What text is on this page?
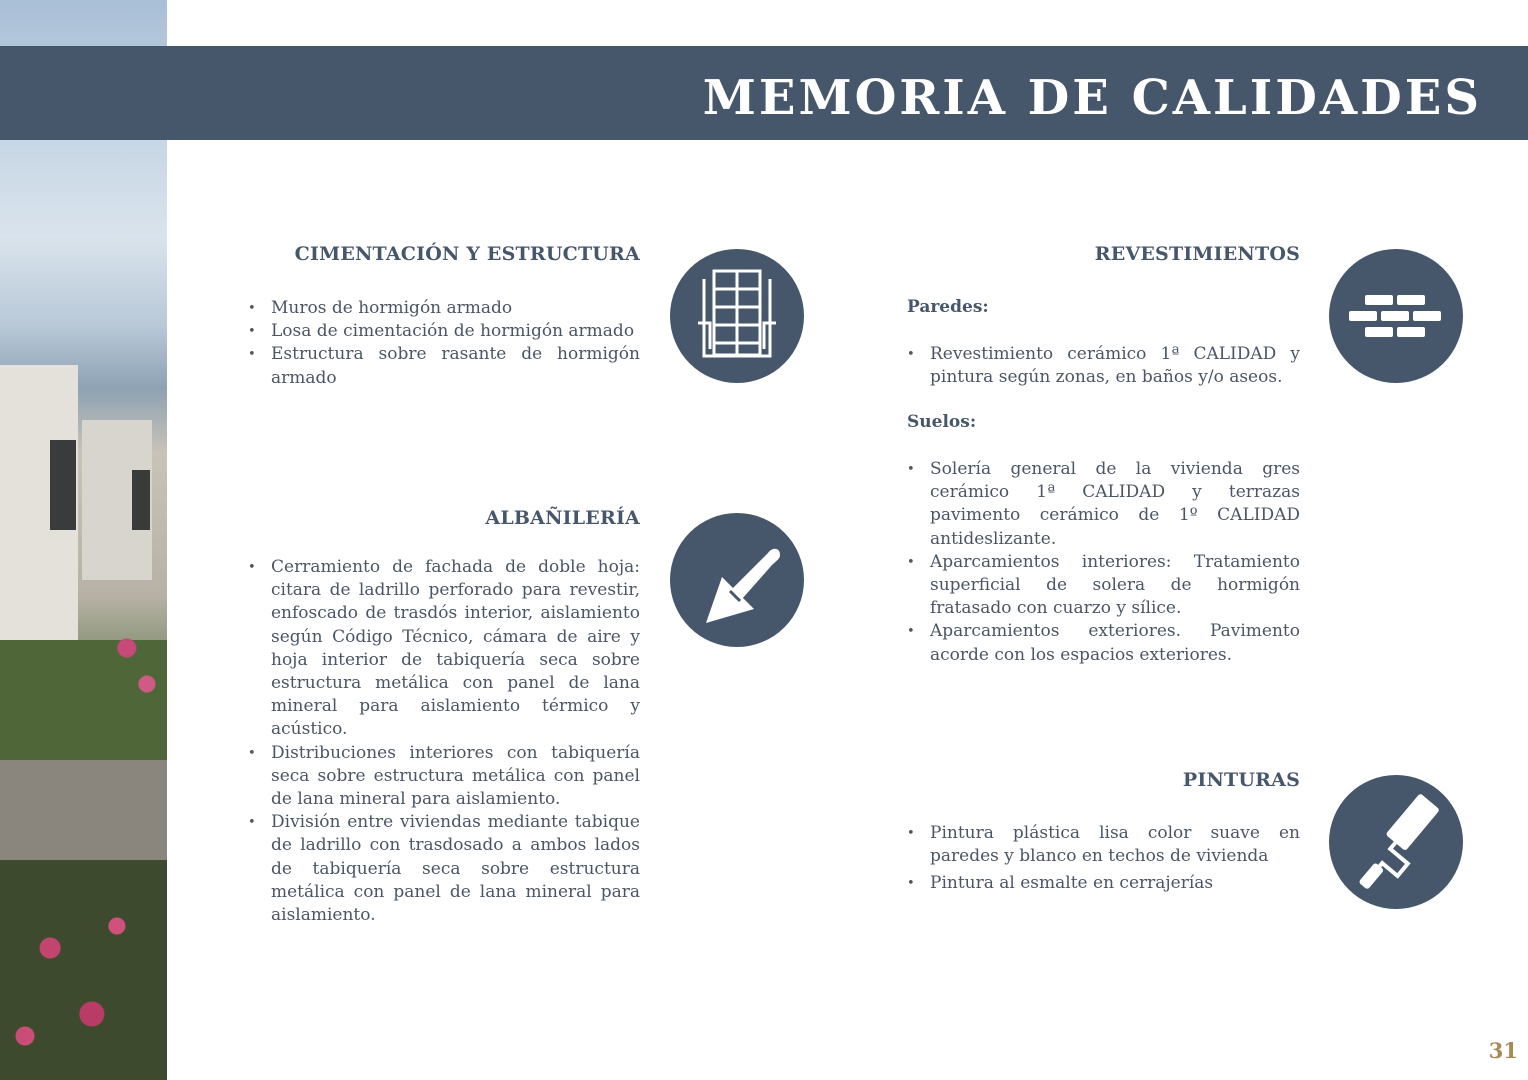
MEMORIA DE CALIDADES
CIMENTACIÓN Y ESTRUCTURA
• Muros de hormigón armado
• Losa de cimentación de hormigón armado
• Estructura sobre rasante de hormigón armado
ALBAÑILERÍA
• Cerramiento de fachada de doble hoja: citara de ladrillo perforado para revestir, enfoscado de trasdós interior, aislamiento según Código Técnico, cámara de aire y hoja interior de tabiquería seca sobre estructura metálica con panel de lana mineral para aislamiento térmico y acústico.
• Distribuciones interiores con tabiquería seca sobre estructura metálica con panel de lana mineral para aislamiento.
• División entre viviendas mediante tabique de ladrillo con trasdosado a ambos lados de tabiquería seca sobre estructura metálica con panel de lana mineral para aislamiento.
REVESTIMIENTOS
Paredes:
• Revestimiento cerámico 1ª CALIDAD y pintura según zonas, en baños y/o aseos.
Suelos:
• Solería general de la vivienda gres cerámico 1ª CALIDAD y terrazas pavimento cerámico de 1º CALIDAD antideslizante.
• Aparcamientos interiores: Tratamiento superficial de solera de hormigón fratasado con cuarzo y sílice.
• Aparcamientos exteriores. Pavimento acorde con los espacios exteriores.
PINTURAS
• Pintura plástica lisa color suave en paredes y blanco en techos de vivienda
• Pintura al esmalte en cerrajerías
31
